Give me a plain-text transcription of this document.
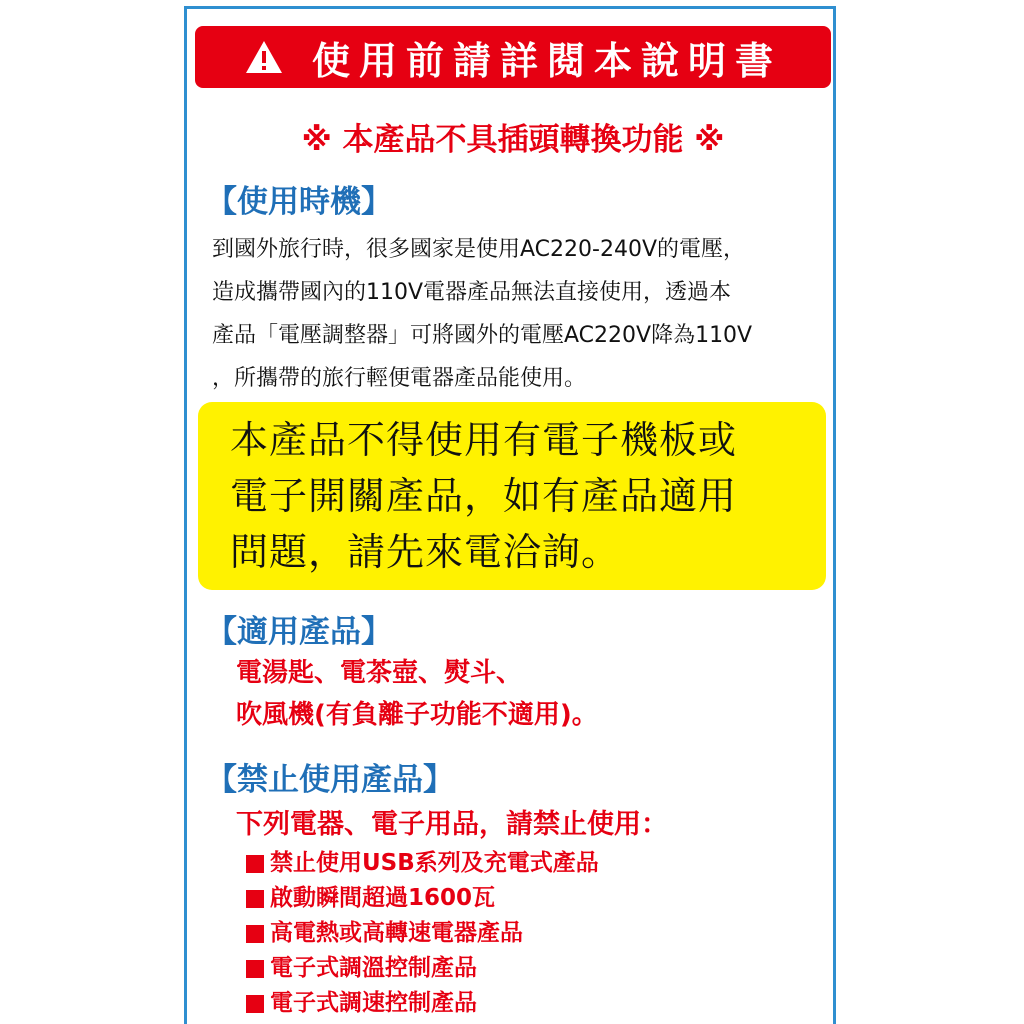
使用前請詳閱本說明書
※ 本產品不具插頭轉換功能 ※
【使用時機】
到國外旅行時，很多國家是使用AC220-240V的電壓，
造成攜帶國內的110V電器產品無法直接使用，透過本
產品「電壓調整器」可將國外的電壓AC220V降為110V
，所攜帶的旅行輕便電器產品能使用。
本產品不得使用有電子機板或
電子開關產品，如有產品適用
問題，請先來電洽詢。
【適用產品】
電湯匙、電茶壺、熨斗、
吹風機(有負離子功能不適用)。
【禁止使用產品】
下列電器、電子用品，請禁止使用：
禁止使用USB系列及充電式產品
啟動瞬間超過1600瓦
高電熱或高轉速電器產品
電子式調溫控制產品
電子式調速控制產品
